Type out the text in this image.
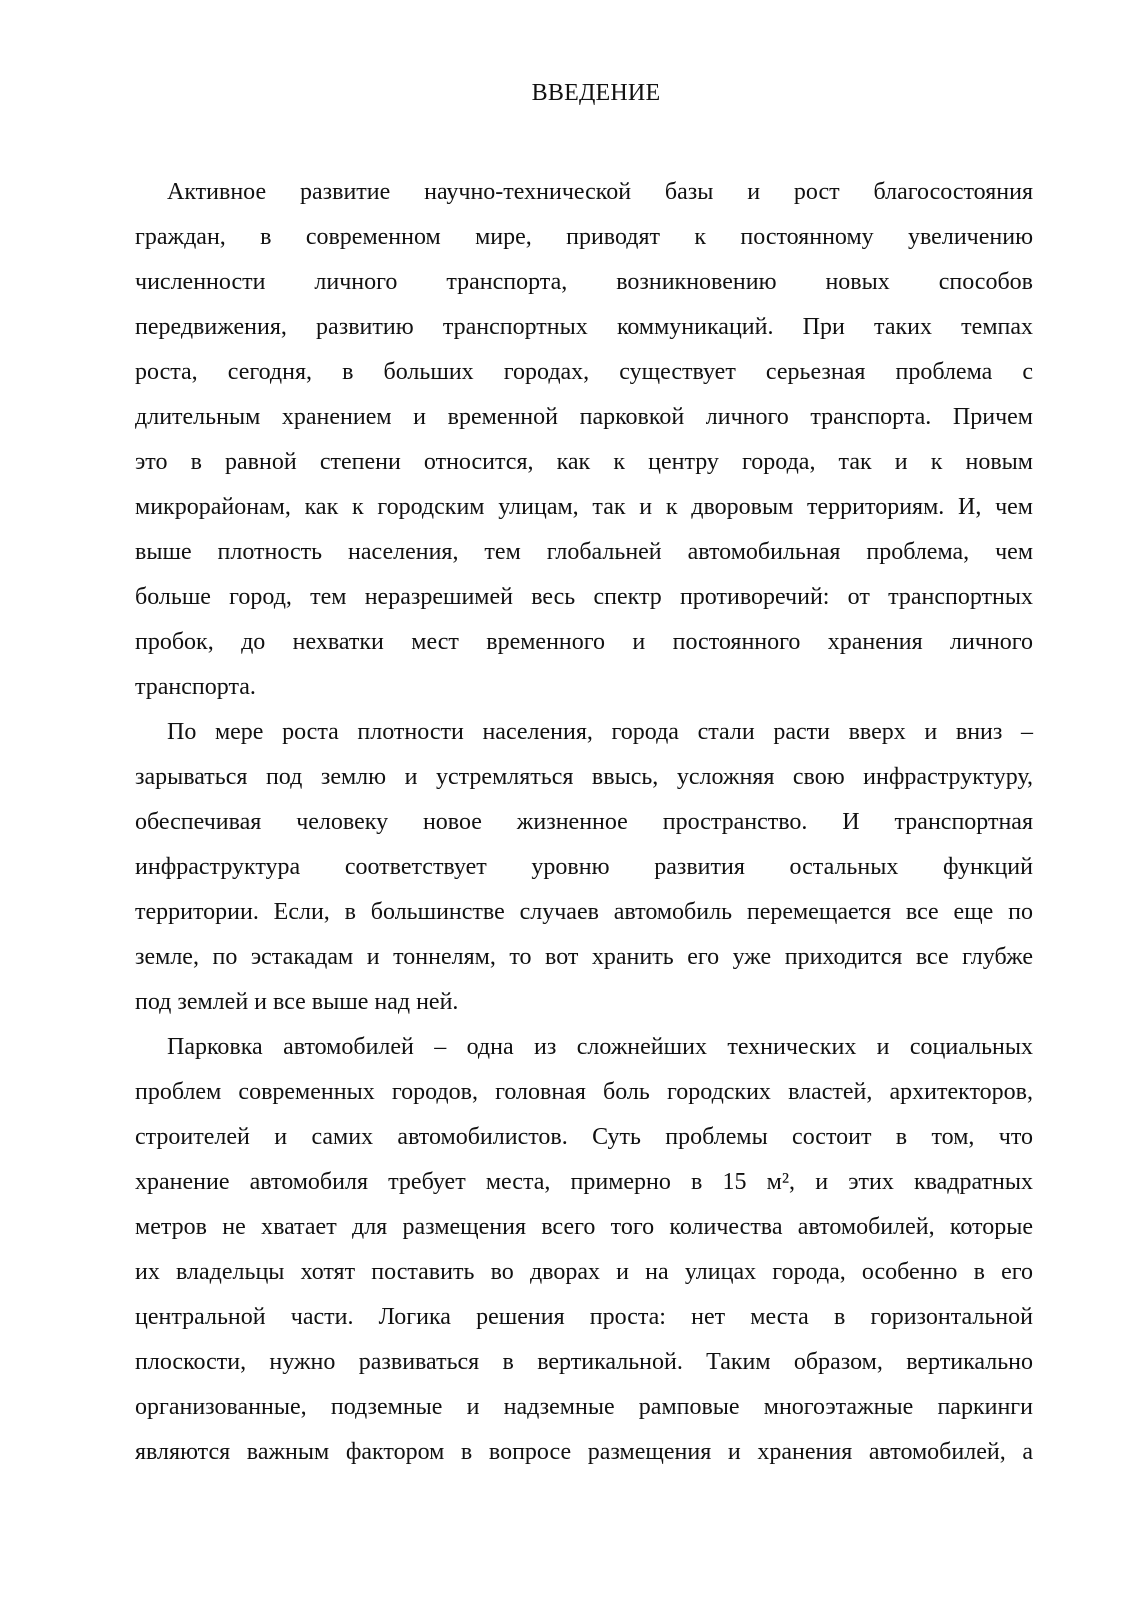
ВВЕДЕНИЕ
Активное развитие научно-технической базы и рост благосостояния
граждан, в современном мире, приводят к постоянному увеличению
численности личного транспорта, возникновению новых способов
передвижения, развитию транспортных коммуникаций. При таких темпах
роста, сегодня, в больших городах, существует серьезная проблема с
длительным хранением и временной парковкой личного транспорта. Причем
это в равной степени относится, как к центру города, так и к новым
микрорайонам, как к городским улицам, так и к дворовым территориям. И, чем
выше плотность населения, тем глобальней автомобильная проблема, чем
больше город, тем неразрешимей весь спектр противоречий: от транспортных
пробок, до нехватки мест временного и постоянного хранения личного
транспорта.
По мере роста плотности населения, города стали расти вверх и вниз –
зарываться под землю и устремляться ввысь, усложняя свою инфраструктуру,
обеспечивая человеку новое жизненное пространство. И транспортная
инфраструктура соответствует уровню развития остальных функций
территории. Если, в большинстве случаев автомобиль перемещается все еще по
земле, по эстакадам и тоннелям, то вот хранить его уже приходится все глубже
под землей и все выше над ней.
Парковка автомобилей – одна из сложнейших технических и социальных
проблем современных городов, головная боль городских властей, архитекторов,
строителей и самих автомобилистов. Суть проблемы состоит в том, что
хранение автомобиля требует места, примерно в 15 м², и этих квадратных
метров не хватает для размещения всего того количества автомобилей, которые
их владельцы хотят поставить во дворах и на улицах города, особенно в его
центральной части. Логика решения проста: нет места в горизонтальной
плоскости, нужно развиваться в вертикальной. Таким образом, вертикально
организованные, подземные и надземные рамповые многоэтажные паркинги
являются важным фактором в вопросе размещения и хранения автомобилей, а
